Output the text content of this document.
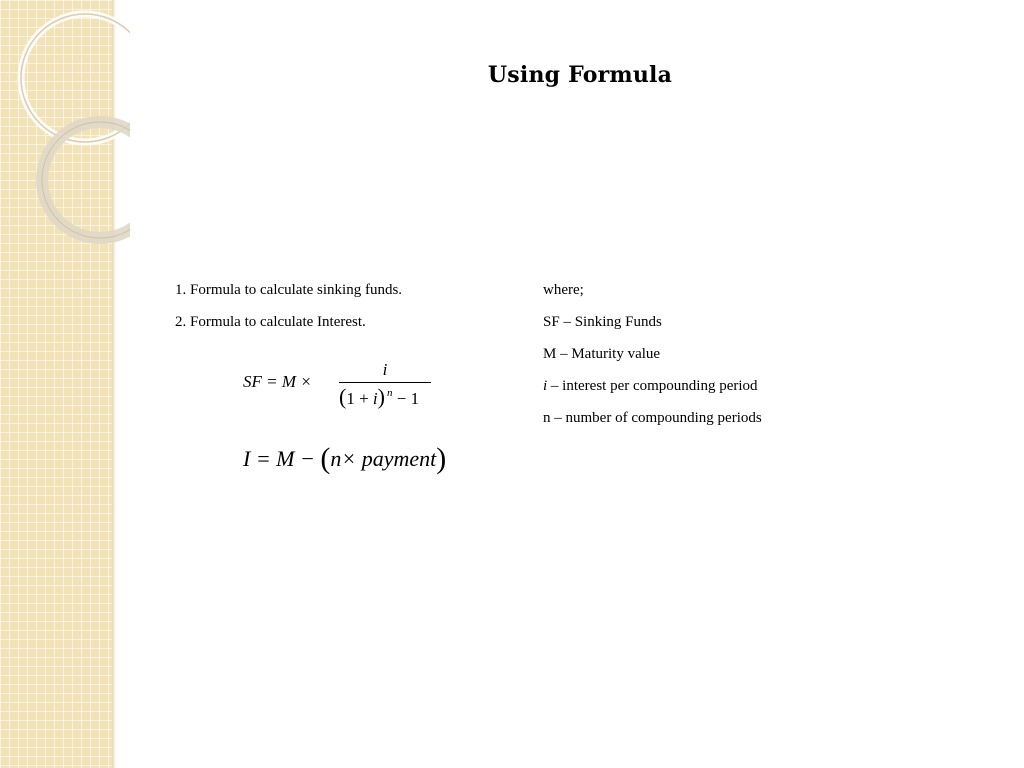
Using Formula
1. Formula to calculate sinking funds.
2. Formula to calculate Interest.
where;
SF – Sinking Funds
M – Maturity value
i – interest per compounding period
n – number of compounding periods
SF = M ×
i
(1 + i) $^n$ − 1
I = M − (n× payment)
